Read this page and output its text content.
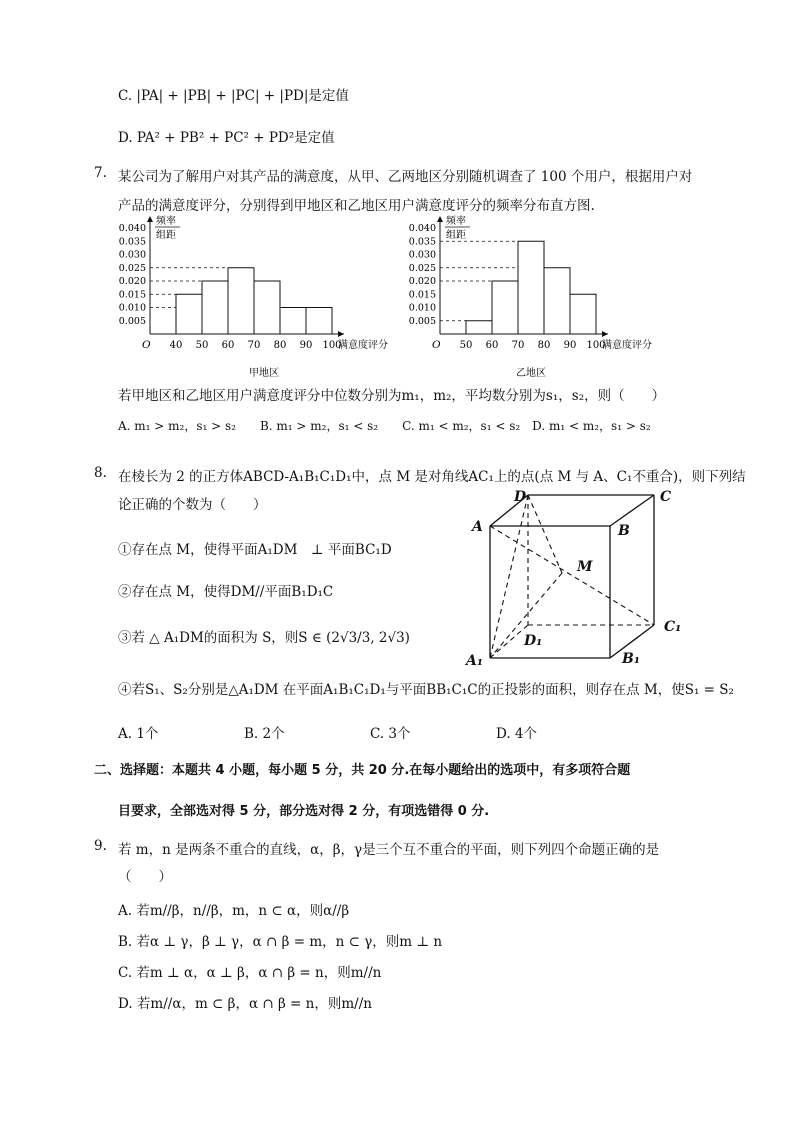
C. |PA| + |PB| + |PC| + |PD|是定值
D. PA² + PB² + PC² + PD²是定值
7. 某公司为了解用户对其产品的满意度，从甲、乙两地区分别随机调查了 100 个用户，根据用户对
产品的满意度评分，分别得到甲地区和乙地区用户满意度评分的频率分布直方图.
频率
组距
0.005
0.010
0.015
0.020
0.025
0.030
0.035
0.040
40 50 60 70 80 90 100
O	满意度评分
甲地区
频率
组距
0.005
0.010
0.015
0.020
0.025
0.030
0.035
0.040
50 60 70 80 90 100
O	满意度评分
乙地区
若甲地区和乙地区用户满意度评分中位数分别为m₁，m₂，平均数分别为s₁，s₂，则（　　）
A. m₁ > m₂，s₁ > s₂　　B. m₁ > m₂，s₁ < s₂　　C. m₁ < m₂，s₁ < s₂　D. m₁ < m₂，s₁ > s₂
8. 在棱长为 2 的正方体ABCD-A₁B₁C₁D₁中，点 M 是对角线AC₁上的点(点 M 与 A、C₁不重合)，则下列结
论正确的个数为（　　）
①存在点 M，使得平面A₁DM　⊥ 平面BC₁D
②存在点 M，使得DM//平面B₁D₁C
③若 △ A₁DM的面积为 S，则S ∈ (2√3/3, 2√3)
④若S₁、S₂分别是△A₁DM 在平面A₁B₁C₁D₁与平面BB₁C₁C的正投影的面积，则存在点 M，使S₁ = S₂
A	B
C
D
M
A₁	B₁
C₁
D₁
A. 1个	B. 2个	C. 3个	D. 4个
二、选择题：本题共 4 小题，每小题 5 分，共 20 分.在每小题给出的选项中，有多项符合题
目要求，全部选对得 5 分，部分选对得 2 分，有项选错得 0 分.
9. 若 m，n 是两条不重合的直线，α，β，γ是三个互不重合的平面，则下列四个命题正确的是
（　　）
A. 若m//β，n//β，m，n ⊂ α，则α//β
B. 若α ⊥ γ，β ⊥ γ，α ∩ β = m，n ⊂ γ，则m ⊥ n
C. 若m ⊥ α，α ⊥ β，α ∩ β = n，则m//n
D. 若m//α，m ⊂ β，α ∩ β = n，则m//n
